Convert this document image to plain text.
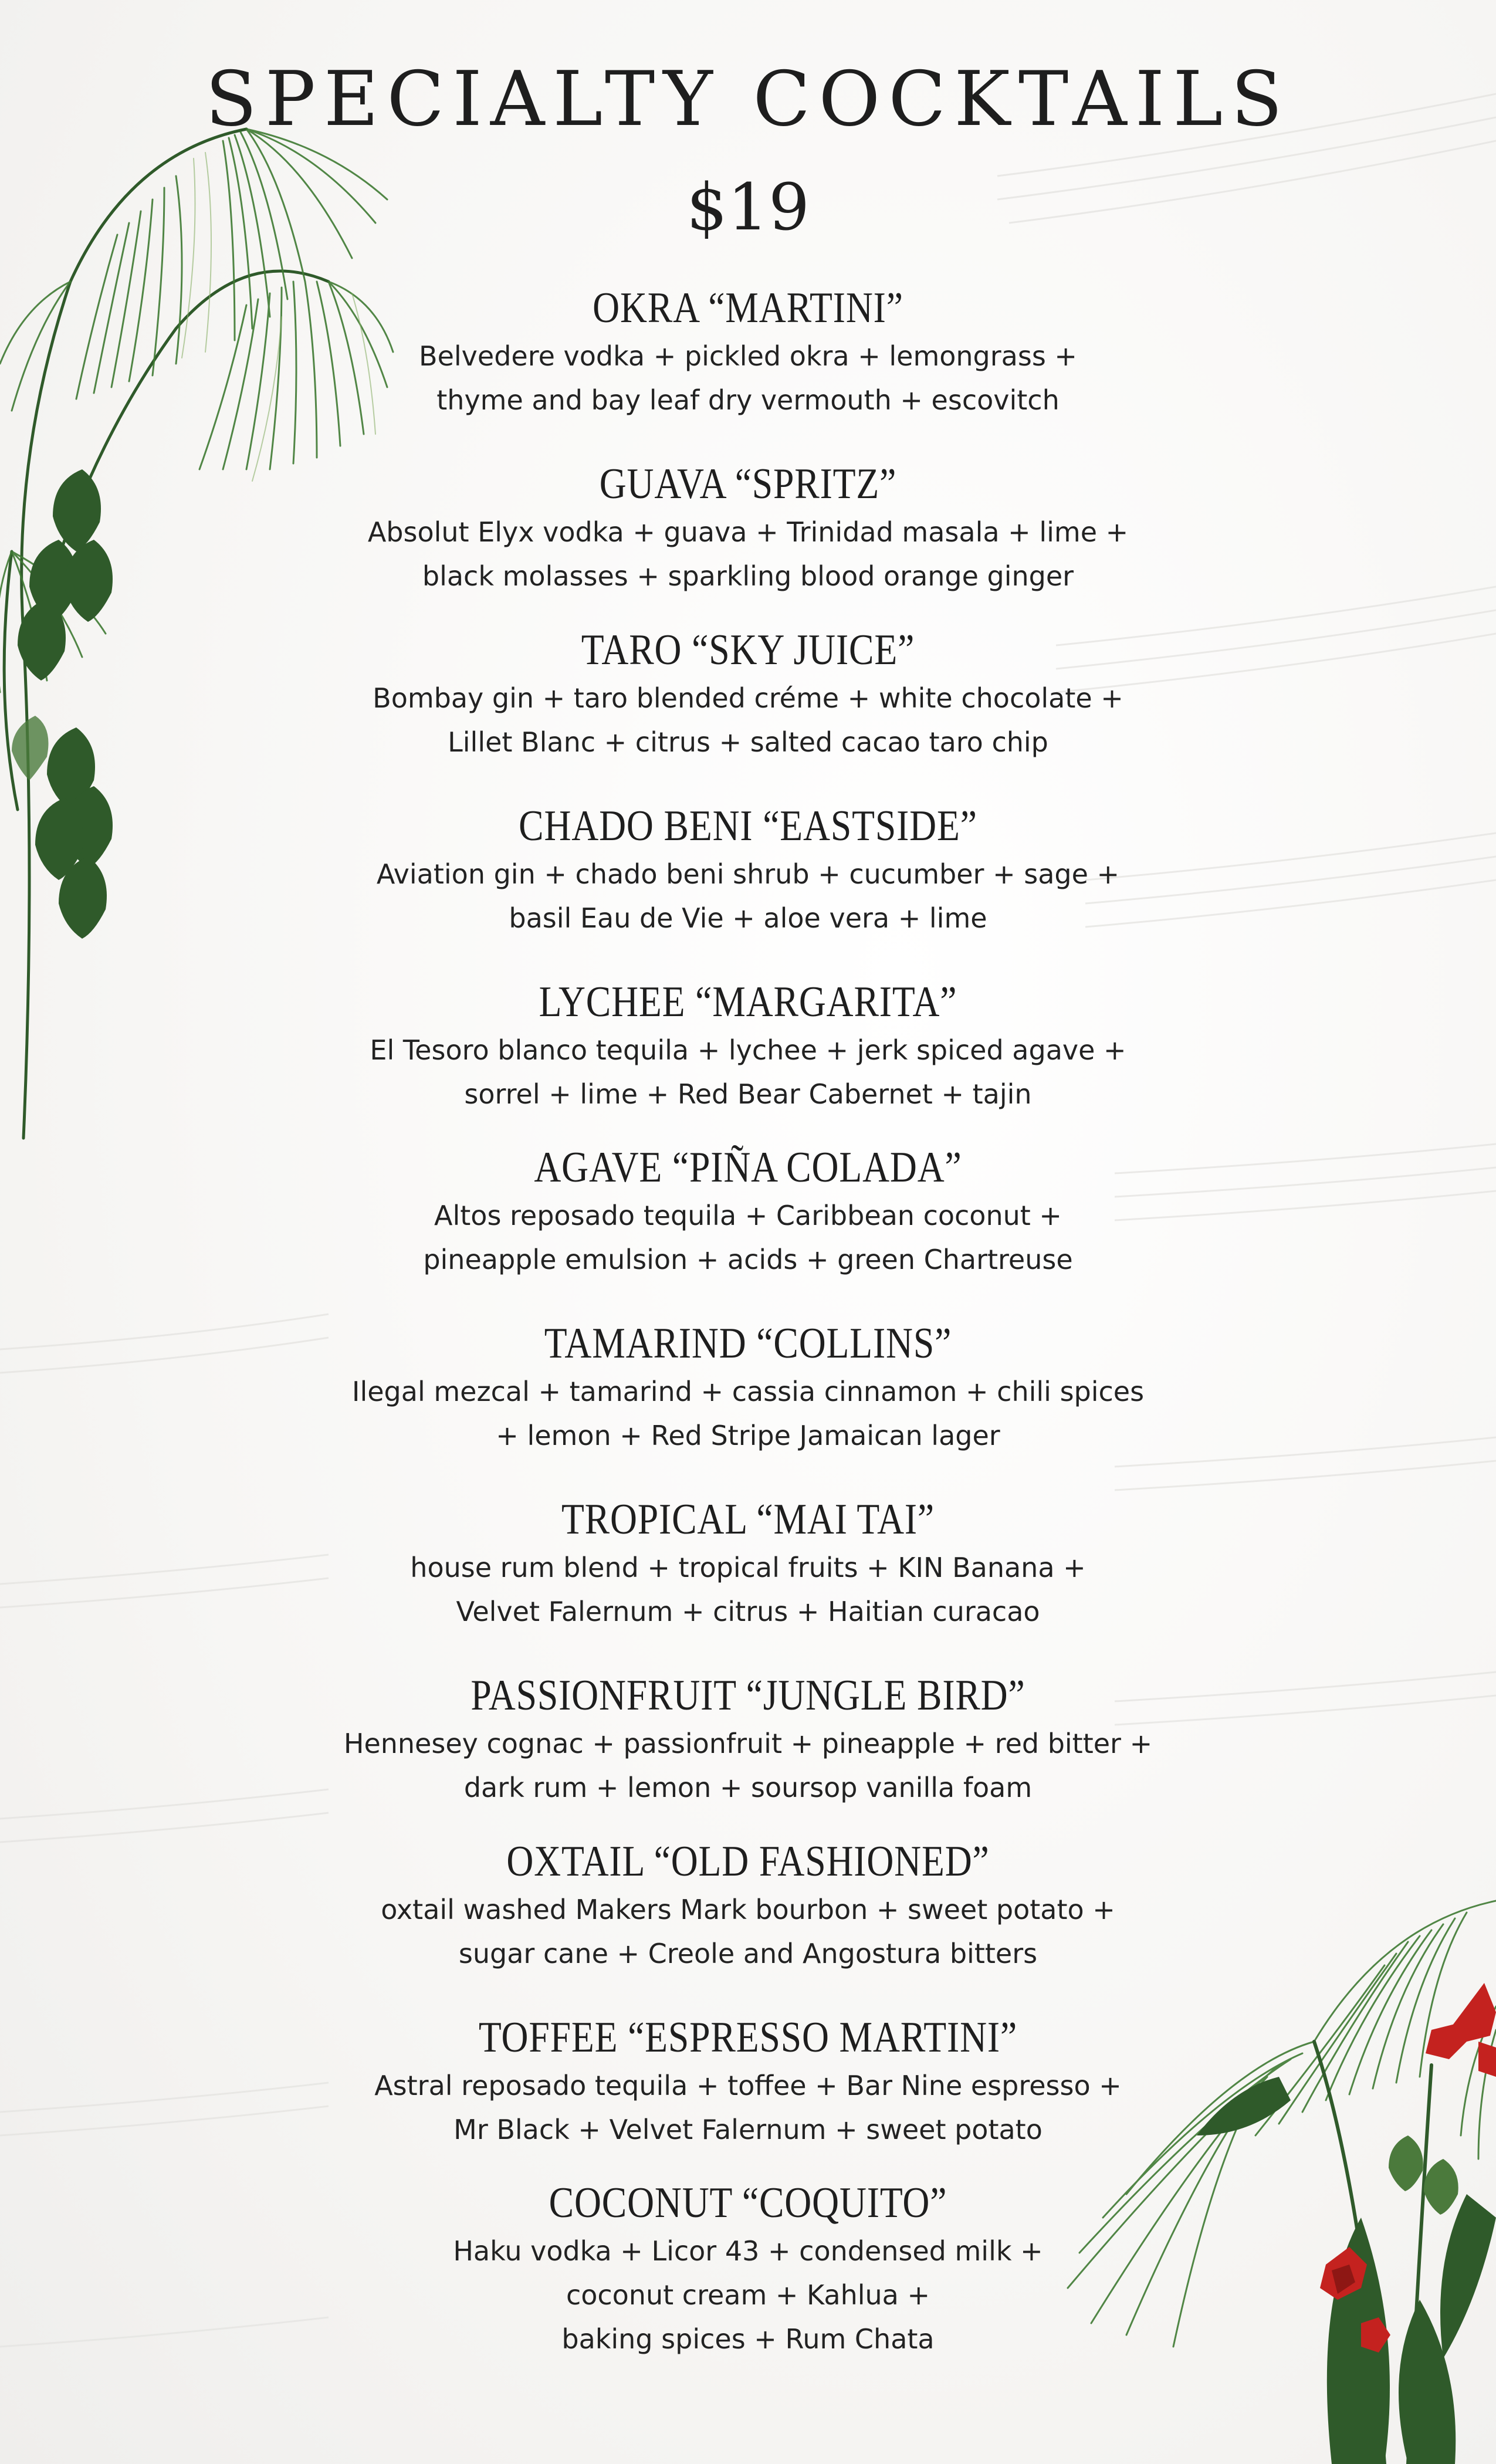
SPECIALTY COCKTAILS
$19

OKRA “MARTINI”

Belvedere vodka + pickled okra + lemongrass +
thyme and bay leaf dry vermouth + escovitch

GUAVA “SPRITZ”

Absolut Elyx vodka + guava + Trinidad masala + lime +
black molasses + sparkling blood orange ginger

TARO “SKY JUICE”

Bombay gin + taro blended créme + white chocolate +
Lillet Blanc + citrus + salted cacao taro chip

CHADO BENI “EASTSIDE”

Aviation gin + chado beni shrub + cucumber + sage +
basil Eau de Vie + aloe vera + lime

LYCHEE “MARGARITA”

El Tesoro blanco tequila + lychee + jerk spiced agave +
sorrel + lime + Red Bear Cabernet + tajin

AGAVE “PIÑA COLADA”

Altos reposado tequila + Caribbean coconut +
pineapple emulsion + acids + green Chartreuse

TAMARIND “COLLINS”

Ilegal mezcal + tamarind + cassia cinnamon + chili spices
+ lemon + Red Stripe Jamaican lager

TROPICAL “MAI TAI”

house rum blend + tropical fruits + KIN Banana +
Velvet Falernum + citrus + Haitian curacao

PASSIONFRUIT “JUNGLE BIRD”

Hennesey cognac + passionfruit + pineapple + red bitter +
dark rum + lemon + soursop vanilla foam

OXTAIL “OLD FASHIONED”

oxtail washed Makers Mark bourbon + sweet potato +
sugar cane + Creole and Angostura bitters

TOFFEE “ESPRESSO MARTINI”

Astral reposado tequila + toffee + Bar Nine espresso +
Mr Black + Velvet Falernum + sweet potato

COCONUT “COQUITO”

Haku vodka + Licor 43 + condensed milk +
coconut cream + Kahlua +
baking spices + Rum Chata
